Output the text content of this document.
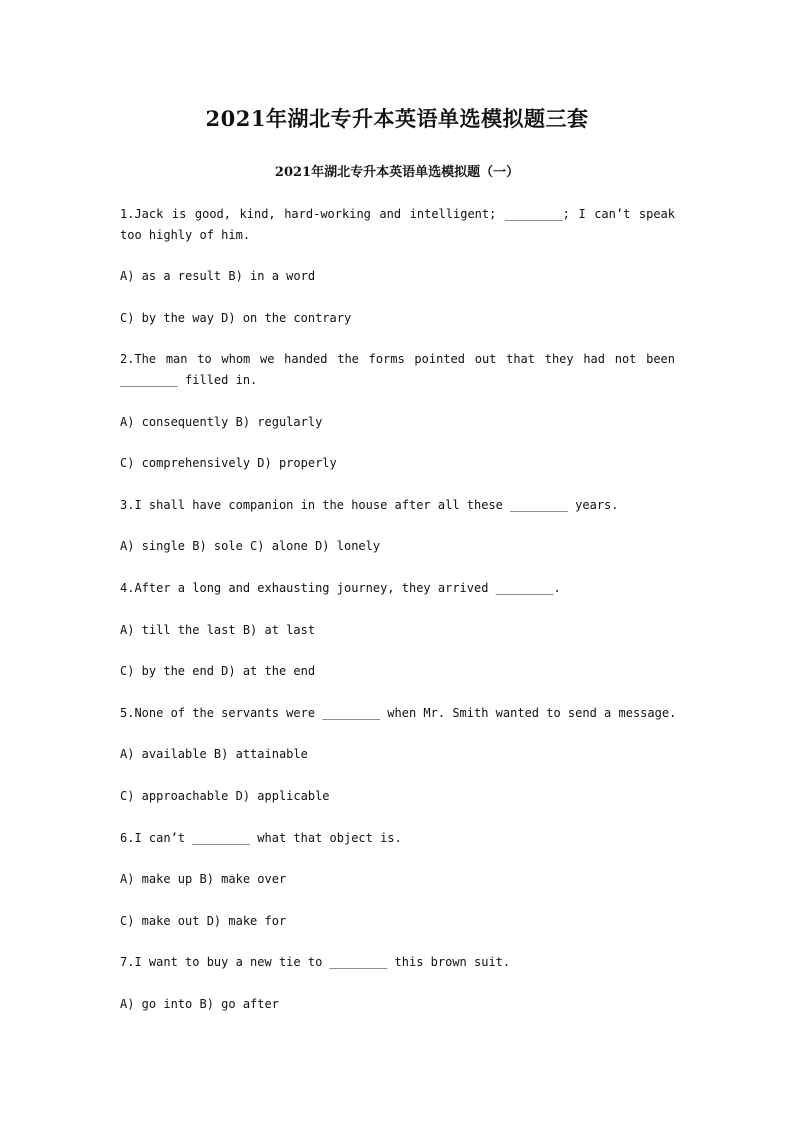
2021年湖北专升本英语单选模拟题三套
2021年湖北专升本英语单选模拟题（一）
1.Jack is good, kind, hard-working and intelligent; ________; I can’t speak
too highly of him.
A) as a result B) in a word
C) by the way D) on the contrary
2.The man to whom we handed the forms pointed out that they had not been
________ filled in.
A) consequently B) regularly
C) comprehensively D) properly
3.I shall have companion in the house after all these ________ years.
A) single B) sole C) alone D) lonely
4.After a long and exhausting journey, they arrived ________.
A) till the last B) at last
C) by the end D) at the end
5.None of the servants were ________ when Mr. Smith wanted to send a message.
A) available B) attainable
C) approachable D) applicable
6.I can’t ________ what that object is.
A) make up B) make over
C) make out D) make for
7.I want to buy a new tie to ________ this brown suit.
A) go into B) go after
